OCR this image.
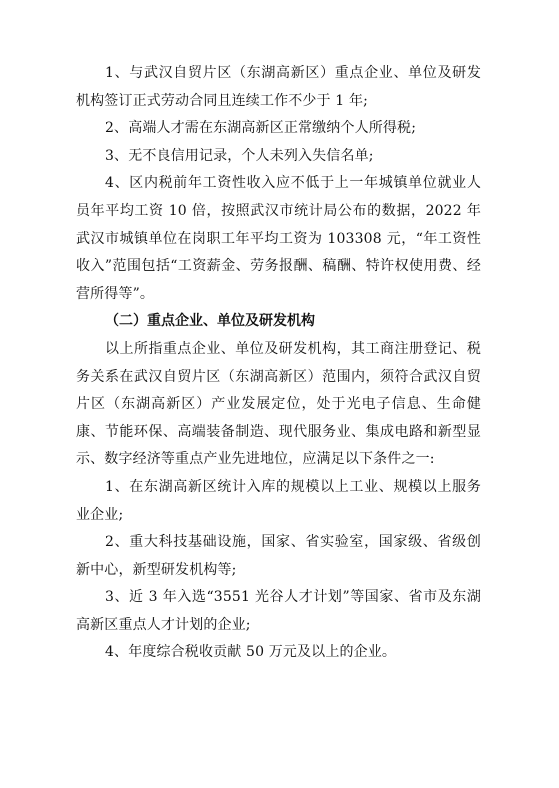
1、与武汉自贸片区（东湖高新区）重点企业、单位及研发机构签订正式劳动合同且连续工作不少于 1 年;

2、高端人才需在东湖高新区正常缴纳个人所得税;

3、无不良信用记录，个人未列入失信名单;

4、区内税前年工资性收入应不低于上一年城镇单位就业人员年平均工资 10 倍，按照武汉市统计局公布的数据，2022 年武汉市城镇单位在岗职工年平均工资为 103308 元，“年工资性收入”范围包括“工资薪金、劳务报酬、稿酬、特许权使用费、经营所得等”。

（二）重点企业、单位及研发机构

以上所指重点企业、单位及研发机构，其工商注册登记、税务关系在武汉自贸片区（东湖高新区）范围内，须符合武汉自贸片区（东湖高新区）产业发展定位，处于光电子信息、生命健康、节能环保、高端装备制造、现代服务业、集成电路和新型显示、数字经济等重点产业先进地位，应满足以下条件之一:

1、在东湖高新区统计入库的规模以上工业、规模以上服务业企业;

2、重大科技基础设施，国家、省实验室，国家级、省级创新中心，新型研发机构等;

3、近 3 年入选“3551 光谷人才计划”等国家、省市及东湖高新区重点人才计划的企业;

4、年度综合税收贡献 50 万元及以上的企业。
